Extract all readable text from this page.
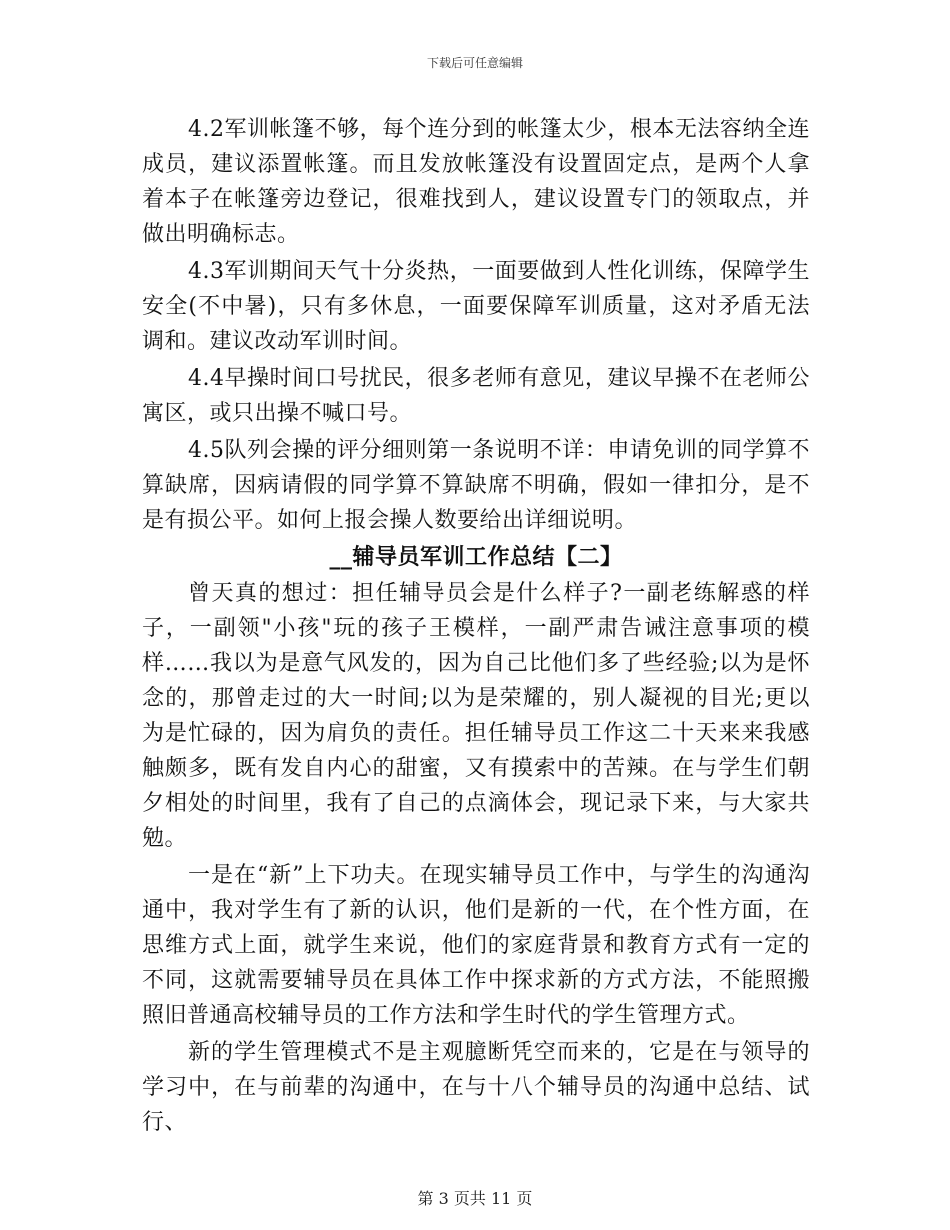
下载后可任意编辑

4.2军训帐篷不够，每个连分到的帐篷太少，根本无法容纳全连成员，建议添置帐篷。而且发放帐篷没有设置固定点，是两个人拿着本子在帐篷旁边登记，很难找到人，建议设置专门的领取点，并做出明确标志。

4.3军训期间天气十分炎热，一面要做到人性化训练，保障学生安全(不中暑)，只有多休息，一面要保障军训质量，这对矛盾无法调和。建议改动军训时间。

4.4早操时间口号扰民，很多老师有意见，建议早操不在老师公寓区，或只出操不喊口号。

4.5队列会操的评分细则第一条说明不详：申请免训的同学算不算缺席，因病请假的同学算不算缺席不明确，假如一律扣分，是不是有损公平。如何上报会操人数要给出详细说明。

__辅导员军训工作总结【二】

曾天真的想过：担任辅导员会是什么样子?一副老练解惑的样子，一副领"小孩"玩的孩子王模样，一副严肃告诫注意事项的模样……我以为是意气风发的，因为自己比他们多了些经验;以为是怀念的，那曾走过的大一时间;以为是荣耀的，别人凝视的目光;更以为是忙碌的，因为肩负的责任。担任辅导员工作这二十天来来我感触颇多，既有发自内心的甜蜜，又有摸索中的苦辣。在与学生们朝夕相处的时间里，我有了自己的点滴体会，现记录下来，与大家共勉。

一是在“新”上下功夫。在现实辅导员工作中，与学生的沟通沟通中，我对学生有了新的认识，他们是新的一代，在个性方面，在思维方式上面，就学生来说，他们的家庭背景和教育方式有一定的不同，这就需要辅导员在具体工作中探求新的方式方法，不能照搬照旧普通高校辅导员的工作方法和学生时代的学生管理方式。

新的学生管理模式不是主观臆断凭空而来的，它是在与领导的学习中，在与前辈的沟通中，在与十八个辅导员的沟通中总结、试行、

第 3 页共 11 页
